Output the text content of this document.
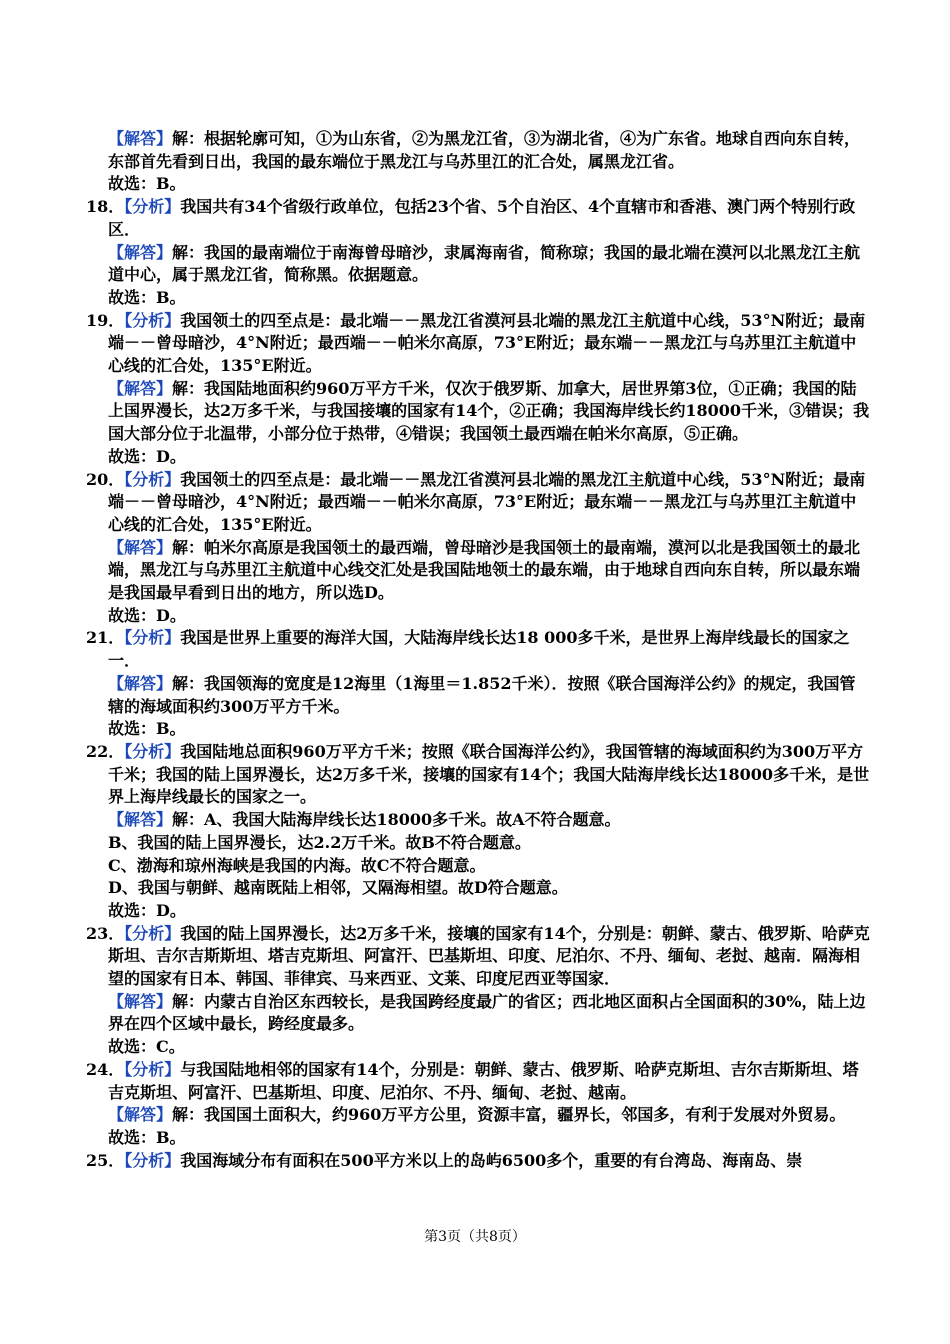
【解答】解：根据轮廓可知，①为山东省，②为黑龙江省，③为湖北省，④为广东省。地球自西向东自转，东部首先看到日出，我国的最东端位于黑龙江与乌苏里江的汇合处，属黑龙江省。

故选：B。

18．【分析】我国共有34个省级行政单位，包括23个省、5个自治区、4个直辖市和香港、澳门两个特别行政区．

【解答】解：我国的最南端位于南海曾母暗沙，隶属海南省，简称琼；我国的最北端在漠河以北黑龙江主航道中心，属于黑龙江省，简称黑。依据题意。

故选：B。

19．【分析】我国领土的四至点是：最北端－－黑龙江省漠河县北端的黑龙江主航道中心线，53°N附近；最南端－－曾母暗沙，4°N附近；最西端－－帕米尔高原，73°E附近；最东端－－黑龙江与乌苏里江主航道中心线的汇合处，135°E附近。

【解答】解：我国陆地面积约960万平方千米，仅次于俄罗斯、加拿大，居世界第3位，①正确；我国的陆上国界漫长，达2万多千米，与我国接壤的国家有14个，②正确；我国海岸线长约18000千米，③错误；我国大部分位于北温带，小部分位于热带，④错误；我国领土最西端在帕米尔高原，⑤正确。

故选：D。

20．【分析】我国领土的四至点是：最北端－－黑龙江省漠河县北端的黑龙江主航道中心线，53°N附近；最南端－－曾母暗沙，4°N附近；最西端－－帕米尔高原，73°E附近；最东端－－黑龙江与乌苏里江主航道中心线的汇合处，135°E附近。

【解答】解：帕米尔高原是我国领土的最西端，曾母暗沙是我国领土的最南端，漠河以北是我国领土的最北端，黑龙江与乌苏里江主航道中心线交汇处是我国陆地领土的最东端，由于地球自西向东自转，所以最东端是我国最早看到日出的地方，所以选D。

故选：D。

21．【分析】我国是世界上重要的海洋大国，大陆海岸线长达18 000多千米，是世界上海岸线最长的国家之一．

【解答】解：我国领海的宽度是12海里（1海里＝1.852千米）．按照《联合国海洋公约》的规定，我国管辖的海域面积约300万平方千米。

故选：B。

22．【分析】我国陆地总面积960万平方千米；按照《联合国海洋公约》，我国管辖的海域面积约为300万平方千米；我国的陆上国界漫长，达2万多千米，接壤的国家有14个；我国大陆海岸线长达18000多千米，是世界上海岸线最长的国家之一。

【解答】解：A、我国大陆海岸线长达18000多千米。故A不符合题意。

B、我国的陆上国界漫长，达2.2万千米。故B不符合题意。

C、渤海和琼州海峡是我国的内海。故C不符合题意。

D、我国与朝鲜、越南既陆上相邻，又隔海相望。故D符合题意。

故选：D。

23．【分析】我国的陆上国界漫长，达2万多千米，接壤的国家有14个，分别是：朝鲜、蒙古、俄罗斯、哈萨克斯坦、吉尔吉斯斯坦、塔吉克斯坦、阿富汗、巴基斯坦、印度、尼泊尔、不丹、缅甸、老挝、越南．隔海相望的国家有日本、韩国、菲律宾、马来西亚、文莱、印度尼西亚等国家．

【解答】解：内蒙古自治区东西较长，是我国跨经度最广的省区；西北地区面积占全国面积的30%，陆上边界在四个区域中最长，跨经度最多。

故选：C。

24．【分析】与我国陆地相邻的国家有14个，分别是：朝鲜、蒙古、俄罗斯、哈萨克斯坦、吉尔吉斯斯坦、塔吉克斯坦、阿富汗、巴基斯坦、印度、尼泊尔、不丹、缅甸、老挝、越南。

【解答】解：我国国土面积大，约960万平方公里，资源丰富，疆界长，邻国多，有利于发展对外贸易。

故选：B。

25．【分析】我国海域分布有面积在500平方米以上的岛屿6500多个，重要的有台湾岛、海南岛、崇

第3页（共8页）
